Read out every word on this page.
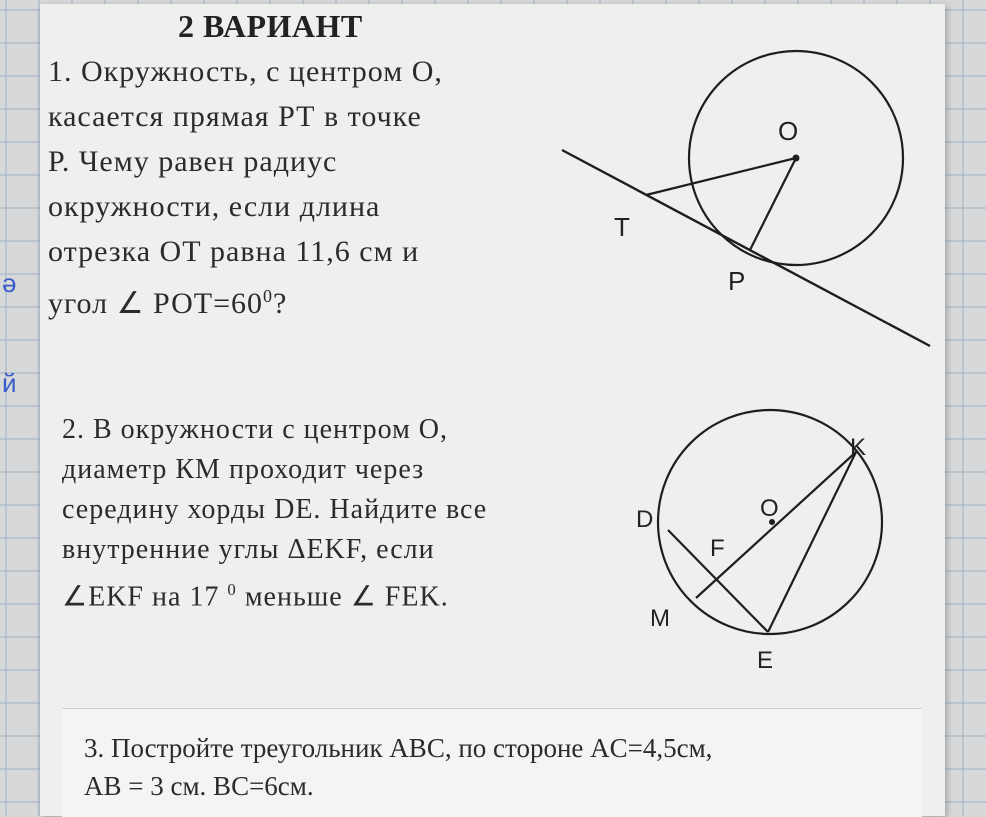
ə
й
2 ВАРИАНТ
1. Окружность, с центром О,
касается прямая РТ в точке
Р. Чему равен радиус
окружности, если длина
отрезка ОТ равна 11,6 см и
угол ∠ $РОТ=60^0$?
O
T
P
2. В окружности с центром О,
диаметр КМ проходит через
середину хорды DE. Найдите все
внутренние углы ΔEKF, если
∠EKF на 17 $^0$ меньше ∠ FEK.
K
O
D
F
M
E
3. Постройте треугольник ABC, по стороне AC=4,5см,
AB = 3 см. BC=6см.
